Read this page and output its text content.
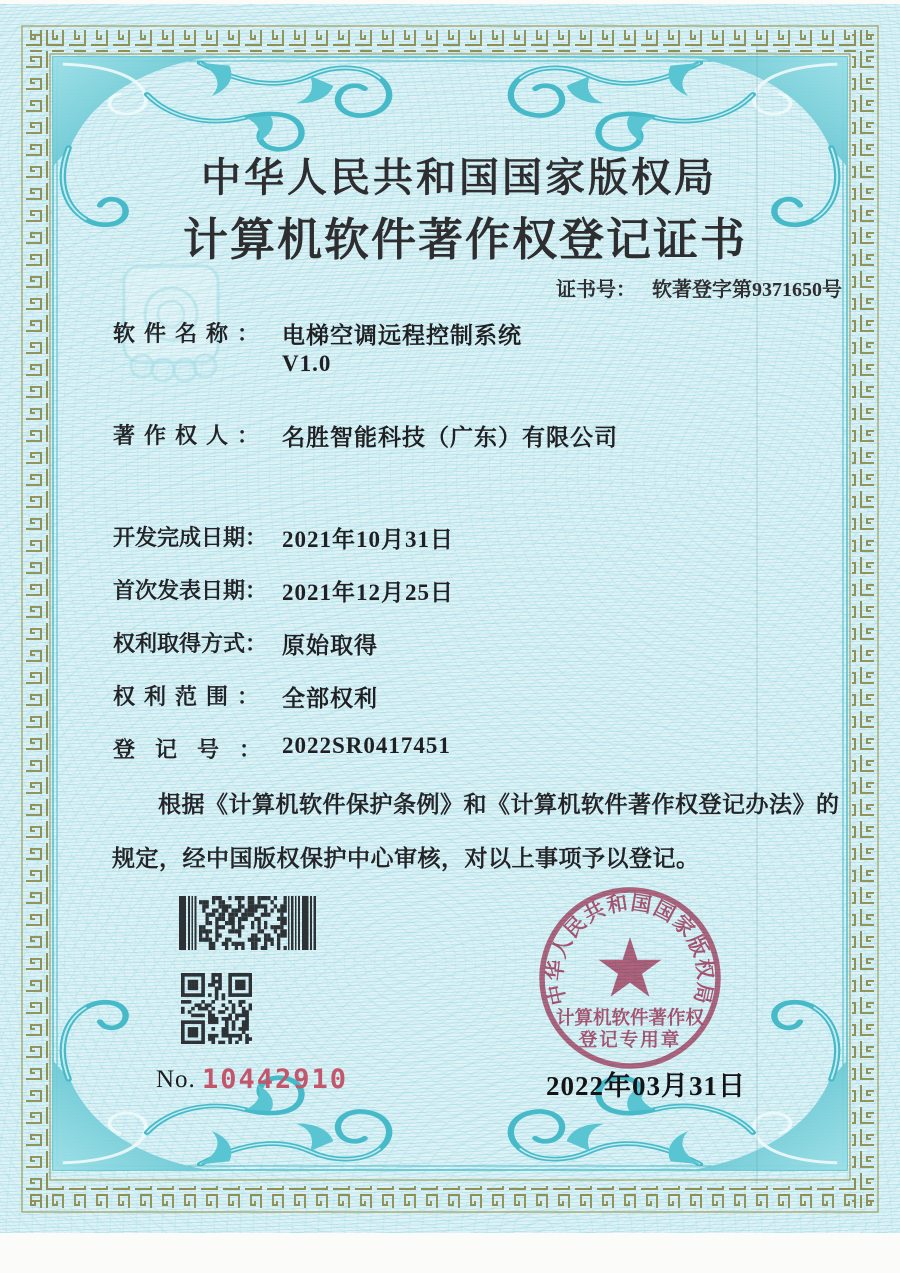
中华人民共和国国家版权局
计算机软件著作权登记证书
证书号： 软著登字第9371650号
软件名称： 电梯空调远程控制系统
V1.0
著作权人： 名胜智能科技（广东）有限公司
开发完成日期： 2021年10月31日
首次发表日期： 2021年12月25日
权利取得方式： 原始取得
权利范围： 全部权利
登记号： 2022SR0417451
根据《计算机软件保护条例》和《计算机软件著作权登记办法》的
规定，经中国版权保护中心审核，对以上事项予以登记。
No. 10442910
中华人民共和国国家版权局
计算机软件著作权
登记专用章
2022年03月31日
